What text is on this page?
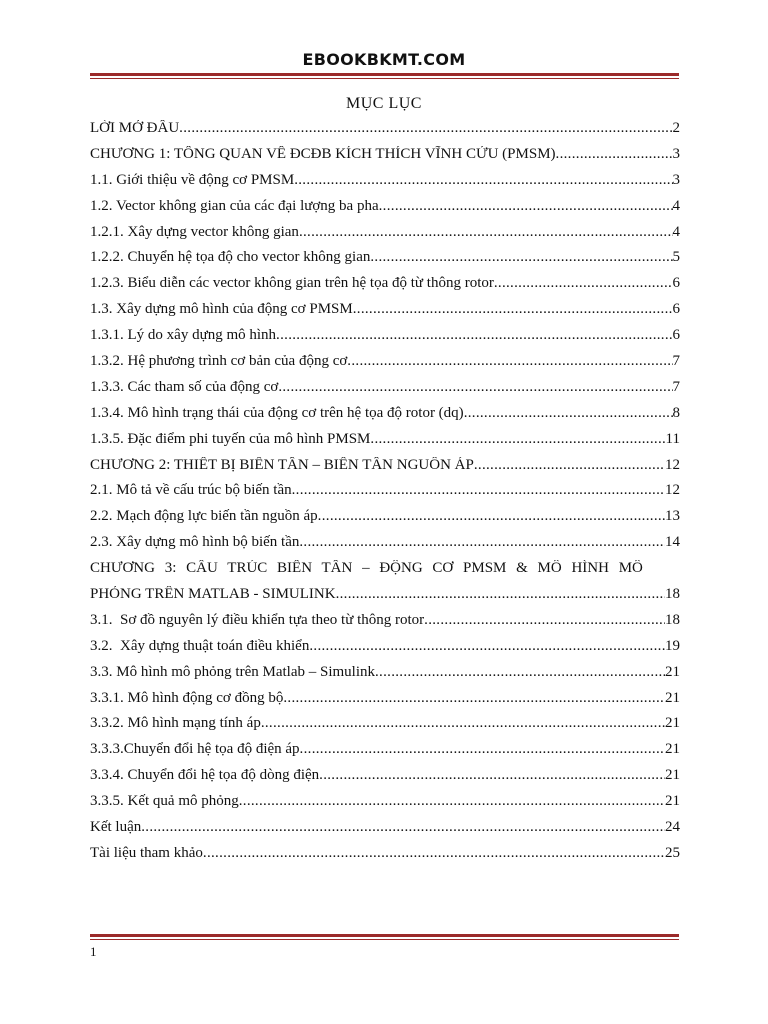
EBOOKBKMT.COM
MỤC LỤC
LỜI MỞ ĐẦU .....	2
CHƯƠNG 1: TỔNG QUAN VỀ ĐCĐB KÍCH THÍCH VĨNH CỬU (PMSM) .....	3
1.1. Giới thiệu về động cơ PMSM .....	3
1.2. Vector không gian của các đại lượng ba pha .....	4
1.2.1. Xây dựng vector không gian .....	4
1.2.2. Chuyển hệ tọa độ cho vector không gian .....	5
1.2.3. Biểu diễn các vector không gian trên hệ tọa độ từ thông rotor .....	6
1.3. Xây dựng mô hình của động cơ PMSM .....	6
1.3.1. Lý do xây dựng mô hình .....	6
1.3.2. Hệ phương trình cơ bản của động cơ .....	7
1.3.3. Các tham số của động cơ .....	7
1.3.4. Mô hình trạng thái của động cơ trên hệ tọa độ rotor (dq) .....	8
1.3.5. Đặc điểm phi tuyến của mô hình PMSM .....	11
CHƯƠNG 2: THIẾT BỊ BIẾN TẦN – BIẾN TẦN NGUỒN ÁP .....	12
2.1. Mô tả về cấu trúc bộ biến tần .....	12
2.2. Mạch động lực biến tần nguồn áp .....	13
2.3. Xây dựng mô hình bộ biến tần .....	14
CHƯƠNG 3: CẤU TRÚC BIẾN TẦN – ĐỘNG CƠ PMSM & MÔ HÌNH MÔ
PHỎNG TRÊN MATLAB - SIMULINK .....	18
3.1.  Sơ đồ nguyên lý điều khiển tựa theo từ thông rotor .....	18
3.2.  Xây dựng thuật toán điều khiển .....	19
3.3. Mô hình mô phỏng trên Matlab – Simulink .....	21
3.3.1. Mô hình động cơ đồng bộ .....	21
3.3.2. Mô hình mạng tính áp .....	21
3.3.3.Chuyển đổi hệ tọa độ điện áp .....	21
3.3.4. Chuyển đổi hệ tọa độ dòng điện .....	21
3.3.5. Kết quả mô phỏng .....	21
Kết luận .....	24
Tài liệu tham khảo .....	25
1
